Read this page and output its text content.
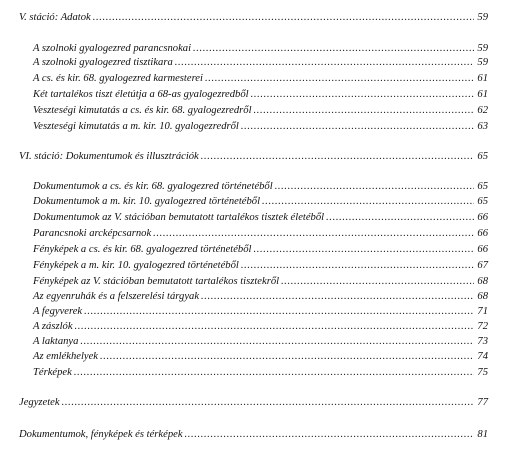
V. stáció: Adatok .....	59
A szolnoki gyalogezred parancsnokai .....	59
A szolnoki gyalogezred tisztikara .....	59
A cs. és kir. 68. gyalogezred karmesterei .....	61
Két tartalékos tiszt életútja a 68-as gyalogezredből .....	61
Veszteségi kimutatás a cs. és kir. 68. gyalogezredről .....	62
Veszteségi kimutatás a m. kir. 10. gyalogezredről .....	63
VI. stáció: Dokumentumok és illusztrációk .....	65
Dokumentumok a cs. és kir. 68. gyalogezred történetéből .....	65
Dokumentumok a m. kir. 10. gyalogezred történetéből .....	65
Dokumentumok az V. stációban bemutatott tartalékos tisztek életéből .....	66
Parancsnoki arcképcsarnok .....	66
Fényképek a cs. és kir. 68. gyalogezred történetéből .....	66
Fényképek a m. kir. 10. gyalogezred történetéből .....	67
Fényképek az V. stációban bemutatott tartalékos tisztekről .....	68
Az egyenruhák és a felszerelési tárgyak .....	68
A fegyverek .....	71
A zászlók .....	72
A laktanya .....	73
Az emlékhelyek .....	74
Térképek .....	75
Jegyzetek .....	77
Dokumentumok, fényképek és térképek .....	81
